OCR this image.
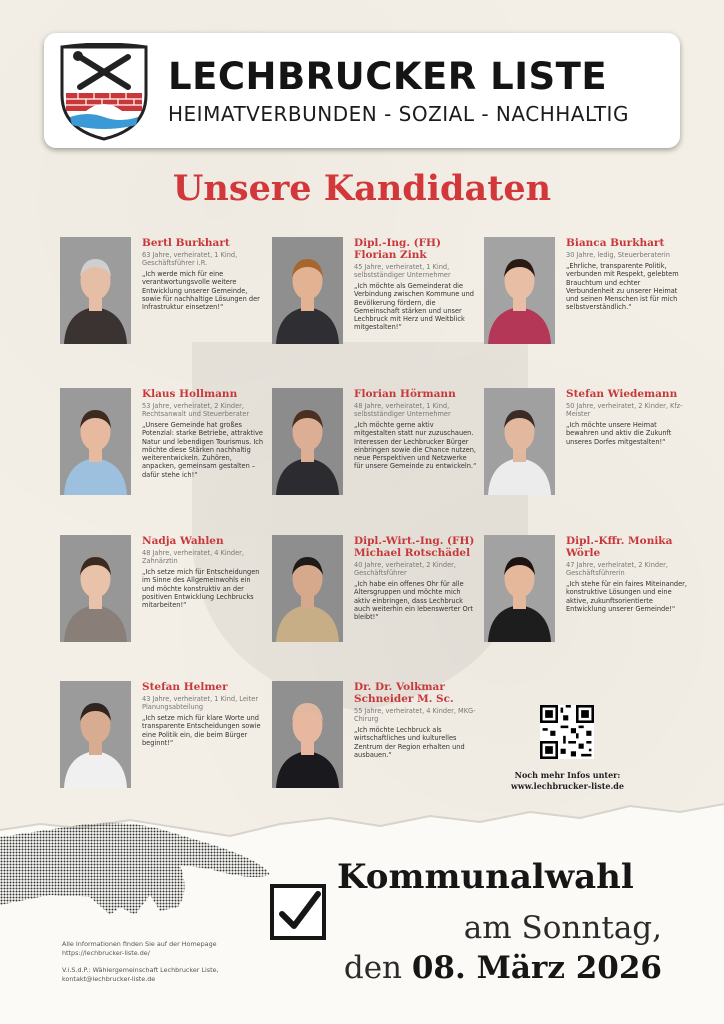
LECHBRUCKER LISTE
HEIMATVERBUNDEN - SOZIAL - NACHHALTIG
Unsere Kandidaten
Bertl Burkhart
63 Jahre, verheiratet, 1 Kind, Geschäftsführer i.R.
„Ich werde mich für eine verantwortungsvolle weitere Entwicklung unserer Gemeinde, sowie für nachhaltige Lösungen der Infrastruktur einsetzen!“
Dipl.-Ing. (FH) Florian Zink
45 Jahre, verheiratet, 1 Kind, selbstständiger Unternehmer
„Ich möchte als Gemeinderat die Verbindung zwischen Kommune und Bevölkerung fördern, die Gemeinschaft stärken und unser Lechbruck mit Herz und Weitblick mitgestalten!“
Bianca Burkhart
30 Jahre, ledig, Steuerberaterin
„Ehrliche, transparente Politik, verbunden mit Respekt, gelebtem Brauchtum und echter Verbundenheit zu unserer Heimat und seinen Menschen ist für mich selbstverständlich.“
Klaus Hollmann
53 Jahre, verheiratet, 2 Kinder, Rechtsanwalt und Steuerberater
„Unsere Gemeinde hat großes Potenzial: starke Betriebe, attraktive Natur und lebendigen Tourismus. Ich möchte diese Stärken nachhaltig weiterentwickeln. Zuhören, anpacken, gemeinsam gestalten – dafür stehe ich!“
Florian Hörmann
48 Jahre, verheiratet, 1 Kind, selbstständiger Unternehmer
„Ich möchte gerne aktiv mitgestalten statt nur zuzuschauen. Interessen der Lechbrucker Bürger einbringen sowie die Chance nutzen, neue Perspektiven und Netzwerke für unsere Gemeinde zu entwickeln.“
Stefan Wiedemann
50 Jahre, verheiratet, 2 Kinder, Kfz-Meister
„Ich möchte unsere Heimat bewahren und aktiv die Zukunft unseres Dorfes mitgestalten!“
Nadja Wahlen
48 Jahre, verheiratet, 4 Kinder, Zahnärztin
„Ich setze mich für Entscheidungen im Sinne des Allgemeinwohls ein und möchte konstruktiv an der positiven Entwicklung Lechbrucks mitarbeiten!“
Dipl.-Wirt.-Ing. (FH) Michael Rotschädel
40 Jahre, verheiratet, 2 Kinder, Geschäftsführer
„Ich habe ein offenes Ohr für alle Altersgruppen und möchte mich aktiv einbringen, dass Lechbruck auch weiterhin ein lebenswerter Ort bleibt!“
Dipl.-Kffr. Monika Wörle
47 Jahre, verheiratet, 2 Kinder, Geschäftsführerin
„Ich stehe für ein faires Miteinander, konstruktive Lösungen und eine aktive, zukunftsorientierte Entwicklung unserer Gemeinde!“
Stefan Helmer
43 Jahre, verheiratet, 1 Kind, Leiter Planungsabteilung
„Ich setze mich für klare Worte und transparente Entscheidungen sowie eine Politik ein, die beim Bürger beginnt!“
Dr. Dr. Volkmar Schneider M. Sc.
55 Jahre, verheiratet, 4 Kinder, MKG-Chirurg
„Ich möchte Lechbruck als wirtschaftliches und kulturelles Zentrum der Region erhalten und ausbauen.“
Noch mehr Infos unter:
www.lechbrucker-liste.de
Kommunalwahl
am Sonntag,
den 08. März 2026
Alle Informationen finden Sie auf der Homepage
https://lechbrucker-liste.de/
V.i.S.d.P.: Wählergemeinschaft Lechbrucker Liste,
kontakt@lechbrucker-liste.de
